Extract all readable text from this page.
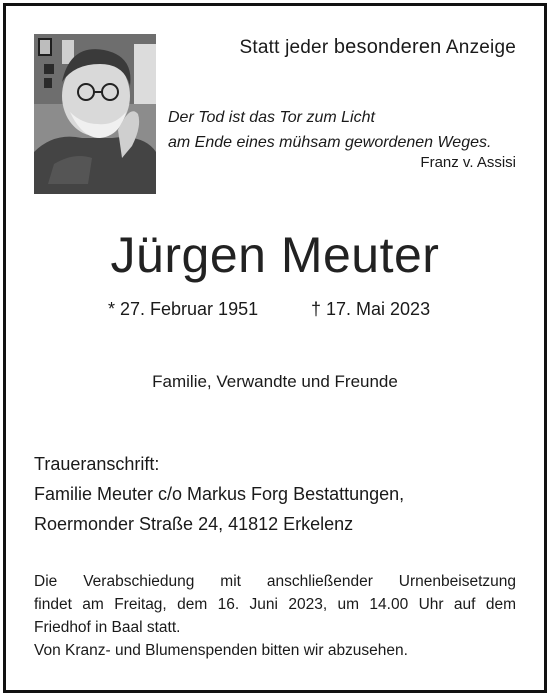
Statt jeder besonderen Anzeige
Der Tod ist das Tor zum Licht
am Ende eines mühsam gewordenen Weges.
Franz v. Assisi
Jürgen Meuter
* 27. Februar 1951	† 17. Mai 2023
Familie, Verwandte und Freunde
Traueranschrift:
Familie Meuter c/o Markus Forg Bestattungen,
Roermonder Straße 24, 41812 Erkelenz
Die Verabschiedung mit anschließender Urnenbeisetzung
findet am Freitag, dem 16. Juni 2023, um 14.00 Uhr auf dem
Friedhof in Baal statt.
Von Kranz- und Blumenspenden bitten wir abzusehen.
